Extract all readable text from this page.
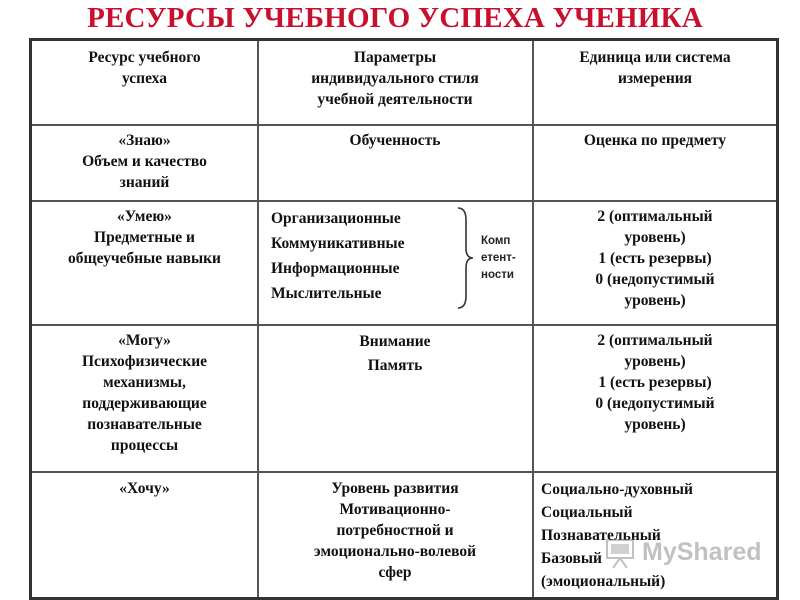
РЕСУРСЫ УЧЕБНОГО УСПЕХА УЧЕНИКА
Ресурс учебного
успеха
Параметры
индивидуального стиля
учебной деятельности
Единица или система
измерения
«Знаю»
Объем и качество
знаний
Обученность	Оценка по предмету
«Умею»
Предметные и
общеучебные навыки
Организационные
Коммуникативные
Информационные
Мыслительные
Комп
етент-
ности
2 (оптимальный
уровень)
1 (есть резервы)
0 (недопустимый
уровень)
«Могу»
Психофизические
механизмы,
поддерживающие
познавательные
процессы
Внимание
Память
2 (оптимальный
уровень)
1 (есть резервы)
0 (недопустимый
уровень)
«Хочу»	Уровень развития
Мотивационно-
потребностной и
эмоционально-волевой
сфер
Социально-духовный
Социальный
Познавательный
Базовый
(эмоциональный)
MyShared
